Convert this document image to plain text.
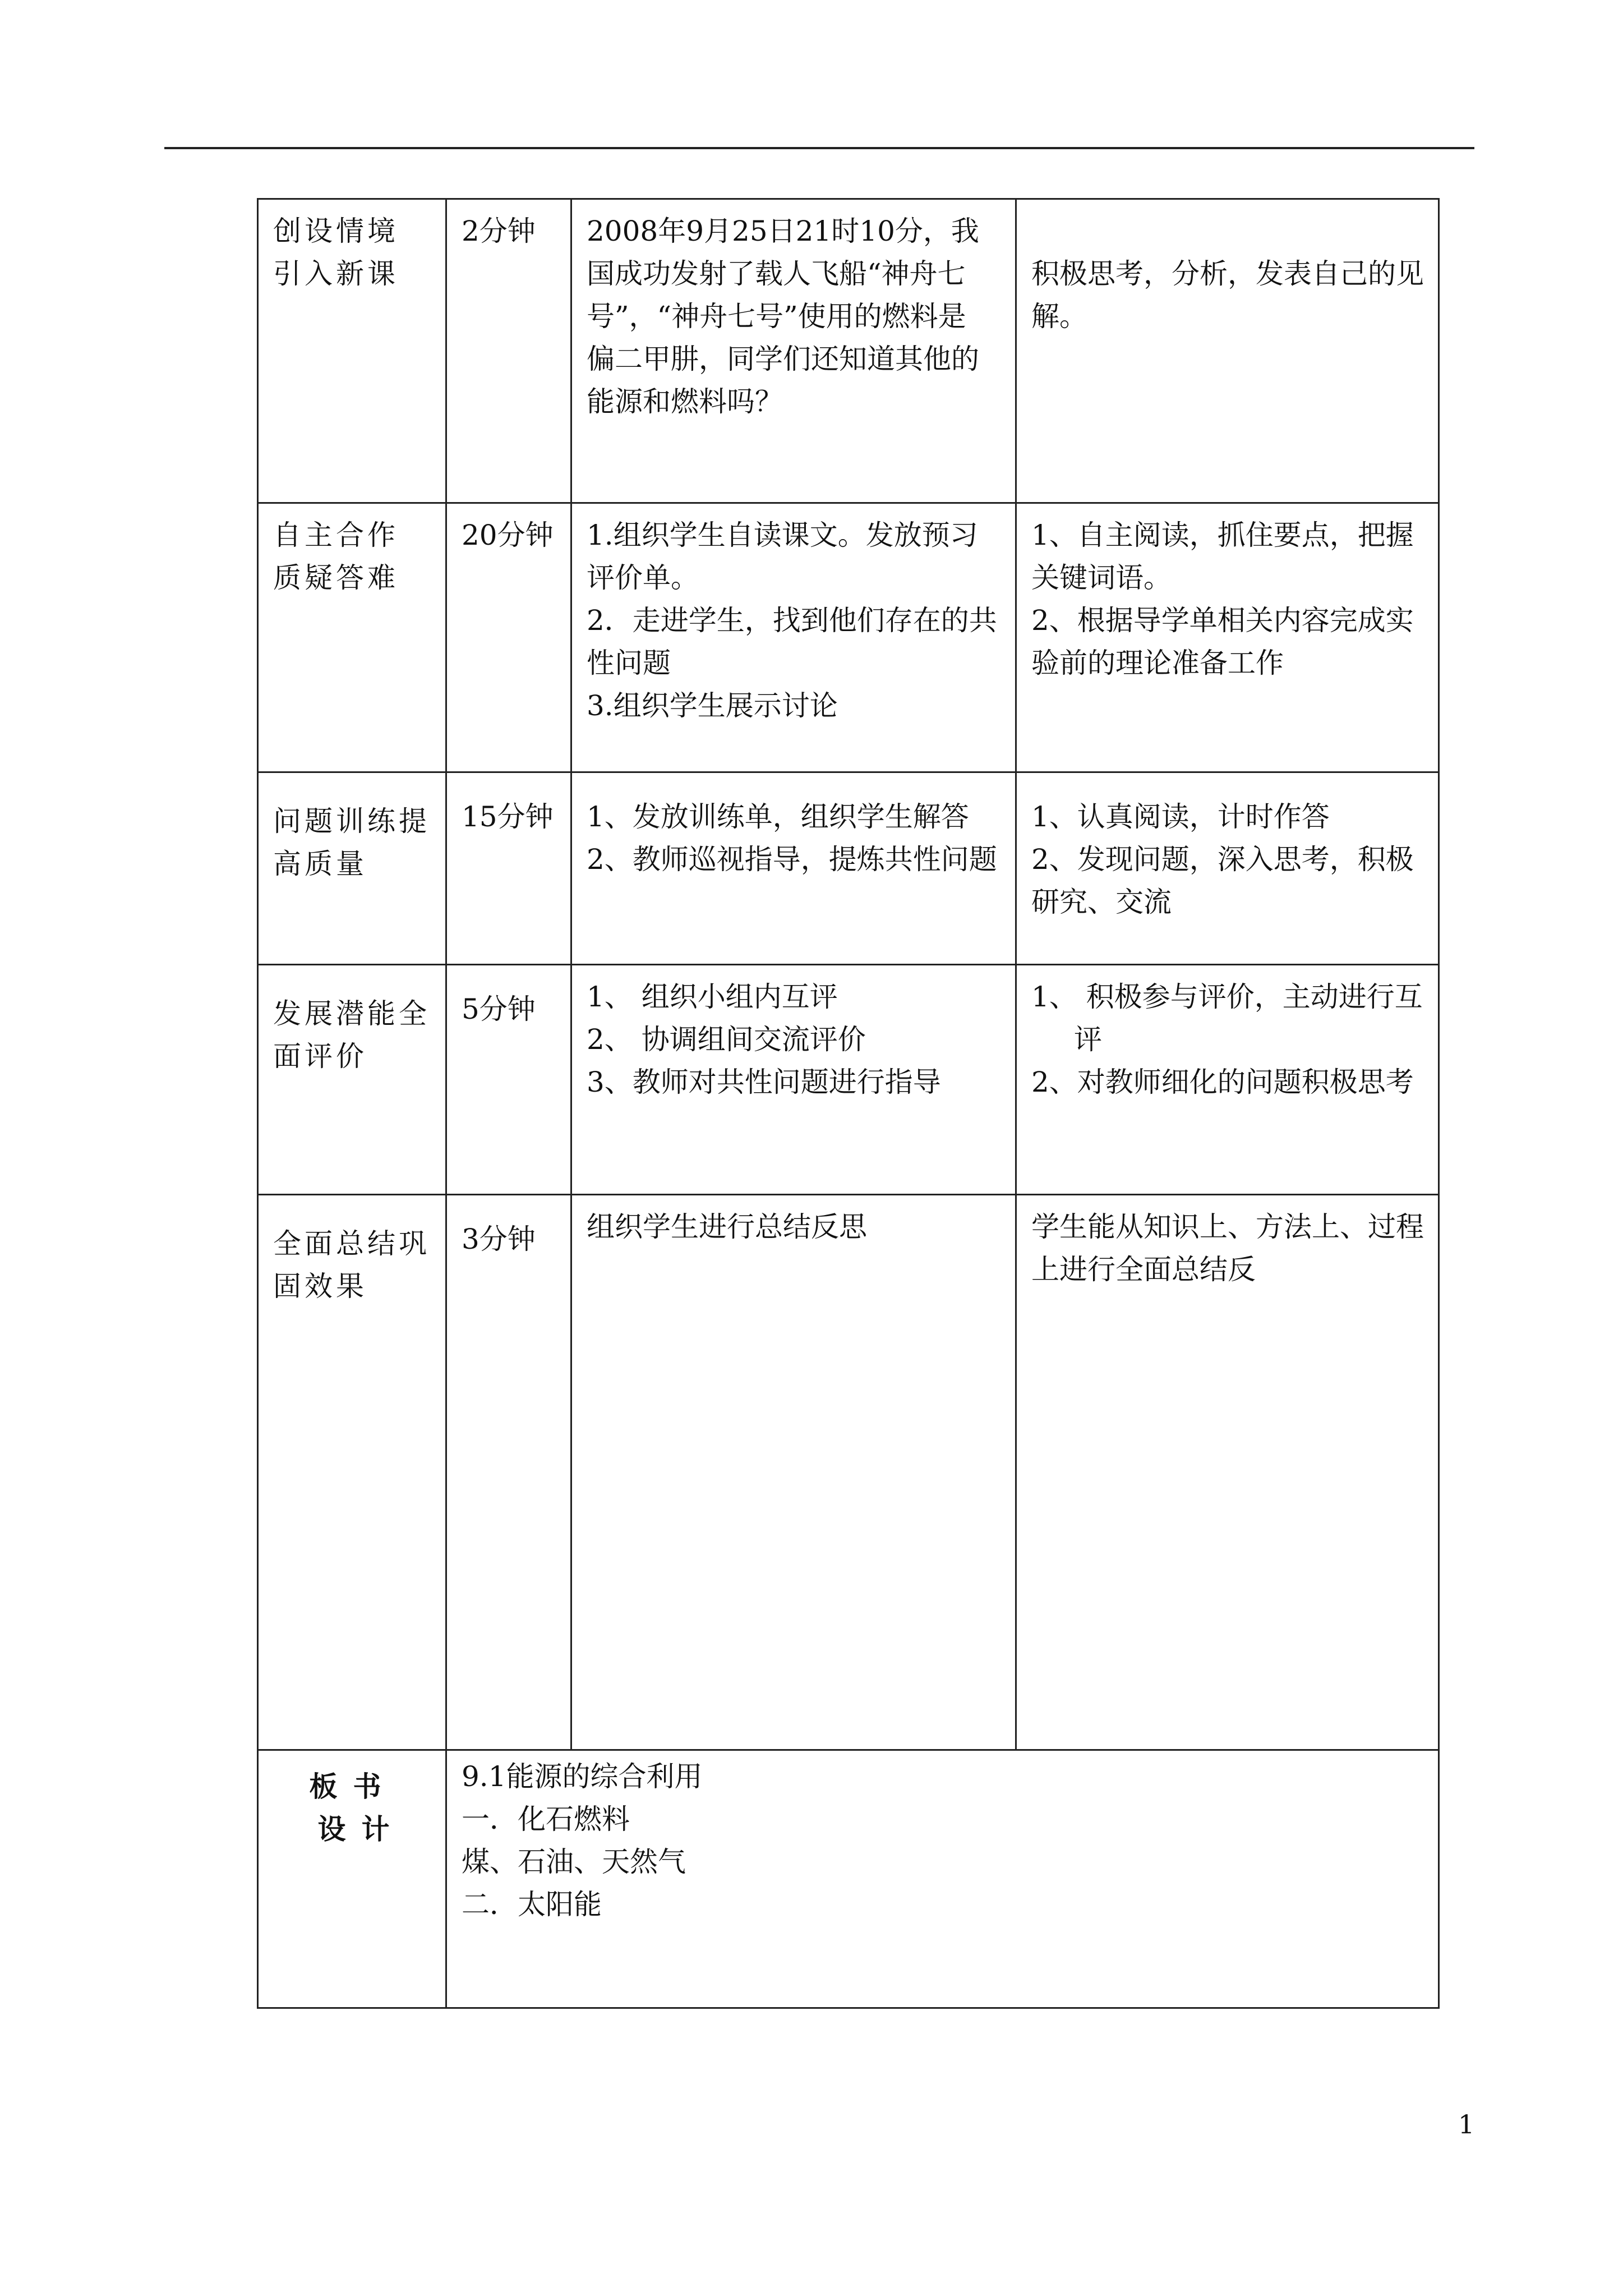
创设情境
引入新课	2分钟	2008年9月25日21时10分，我
国成功发射了载人飞船“神舟七
号”，“神舟七号”使用的燃料是
偏二甲肼，同学们还知道其他的
能源和燃料吗？	积极思考，分析，发表自己的见
解。

自主合作
质疑答难	20分钟	1.组织学生自读课文。发放预习
评价单。
2．走进学生，找到他们存在的共
性问题
3.组织学生展示讨论	1、自主阅读，抓住要点，把握
关键词语。
2、根据导学单相关内容完成实
验前的理论准备工作

问题训练提
高质量	15分钟	1、发放训练单，组织学生解答
2、教师巡视指导，提炼共性问题	1、认真阅读，计时作答
2、发现问题，深入思考，积极
研究、交流

发展潜能全
面评价	5分钟	1、 组织小组内互评
2、 协调组间交流评价
3、教师对共性问题进行指导	1、 积极参与评价，主动进行互
评
2、对教师细化的问题积极思考

全面总结巩
固效果	3分钟	组织学生进行总结反思	学生能从知识上、方法上、过程
上进行全面总结反

板书
设计	9.1能源的综合利用
一．化石燃料
煤、石油、天然气
二．太阳能		
1
